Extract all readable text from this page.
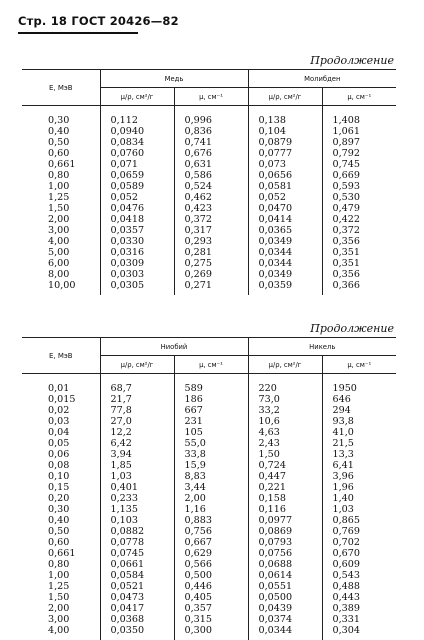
Стр. 18 ГОСТ 20426—82
Продолжение
E, МэВ	Медь		Молибден	
	μ/ρ, см²/г	μ, см⁻¹	μ/ρ, см²/г	μ, см⁻¹

0,30	0,112	0,996	0,138	1,408
0,40	0,0940	0,836	0,104	1,061
0,50	0,0834	0,741	0,0879	0,897
0,60	0,0760	0,676	0,0777	0,792
0,661	0,071	0,631	0,073	0,745
0,80	0,0659	0,586	0,0656	0,669
1,00	0,0589	0,524	0,0581	0,593
1,25	0,052	0,462	0,052	0,530
1,50	0,0476	0,423	0,0470	0,479
2,00	0,0418	0,372	0,0414	0,422
3,00	0,0357	0,317	0,0365	0,372
4,00	0,0330	0,293	0,0349	0,356
5,00	0,0316	0,281	0,0344	0,351
6,00	0,0309	0,275	0,0344	0,351
8,00	0,0303	0,269	0,0349	0,356
10,00	0,0305	0,271	0,0359	0,366
Продолжение
E, МэВ	Ниобий		Никель	
	μ/ρ, см²/г	μ, см⁻¹	μ/ρ, см²/г	μ, см⁻¹

0,01	68,7	589	220	1950
0,015	21,7	186	73,0	646
0,02	77,8	667	33,2	294
0,03	27,0	231	10,6	93,8
0,04	12,2	105	4,63	41,0
0,05	6,42	55,0	2,43	21,5
0,06	3,94	33,8	1,50	13,3
0,08	1,85	15,9	0,724	6,41
0,10	1,03	8,83	0,447	3,96
0,15	0,401	3,44	0,221	1,96
0,20	0,233	2,00	0,158	1,40
0,30	1,135	1,16	0,116	1,03
0,40	0,103	0,883	0,0977	0,865
0,50	0,0882	0,756	0,0869	0,769
0,60	0,0778	0,667	0,0793	0,702
0,661	0,0745	0,629	0,0756	0,670
0,80	0,0661	0,566	0,0688	0,609
1,00	0,0584	0,500	0,0614	0,543
1,25	0,0521	0,446	0,0551	0,488
1,50	0,0473	0,405	0,0500	0,443
2,00	0,0417	0,357	0,0439	0,389
3,00	0,0368	0,315	0,0374	0,331
4,00	0,0350	0,300	0,0344	0,304
